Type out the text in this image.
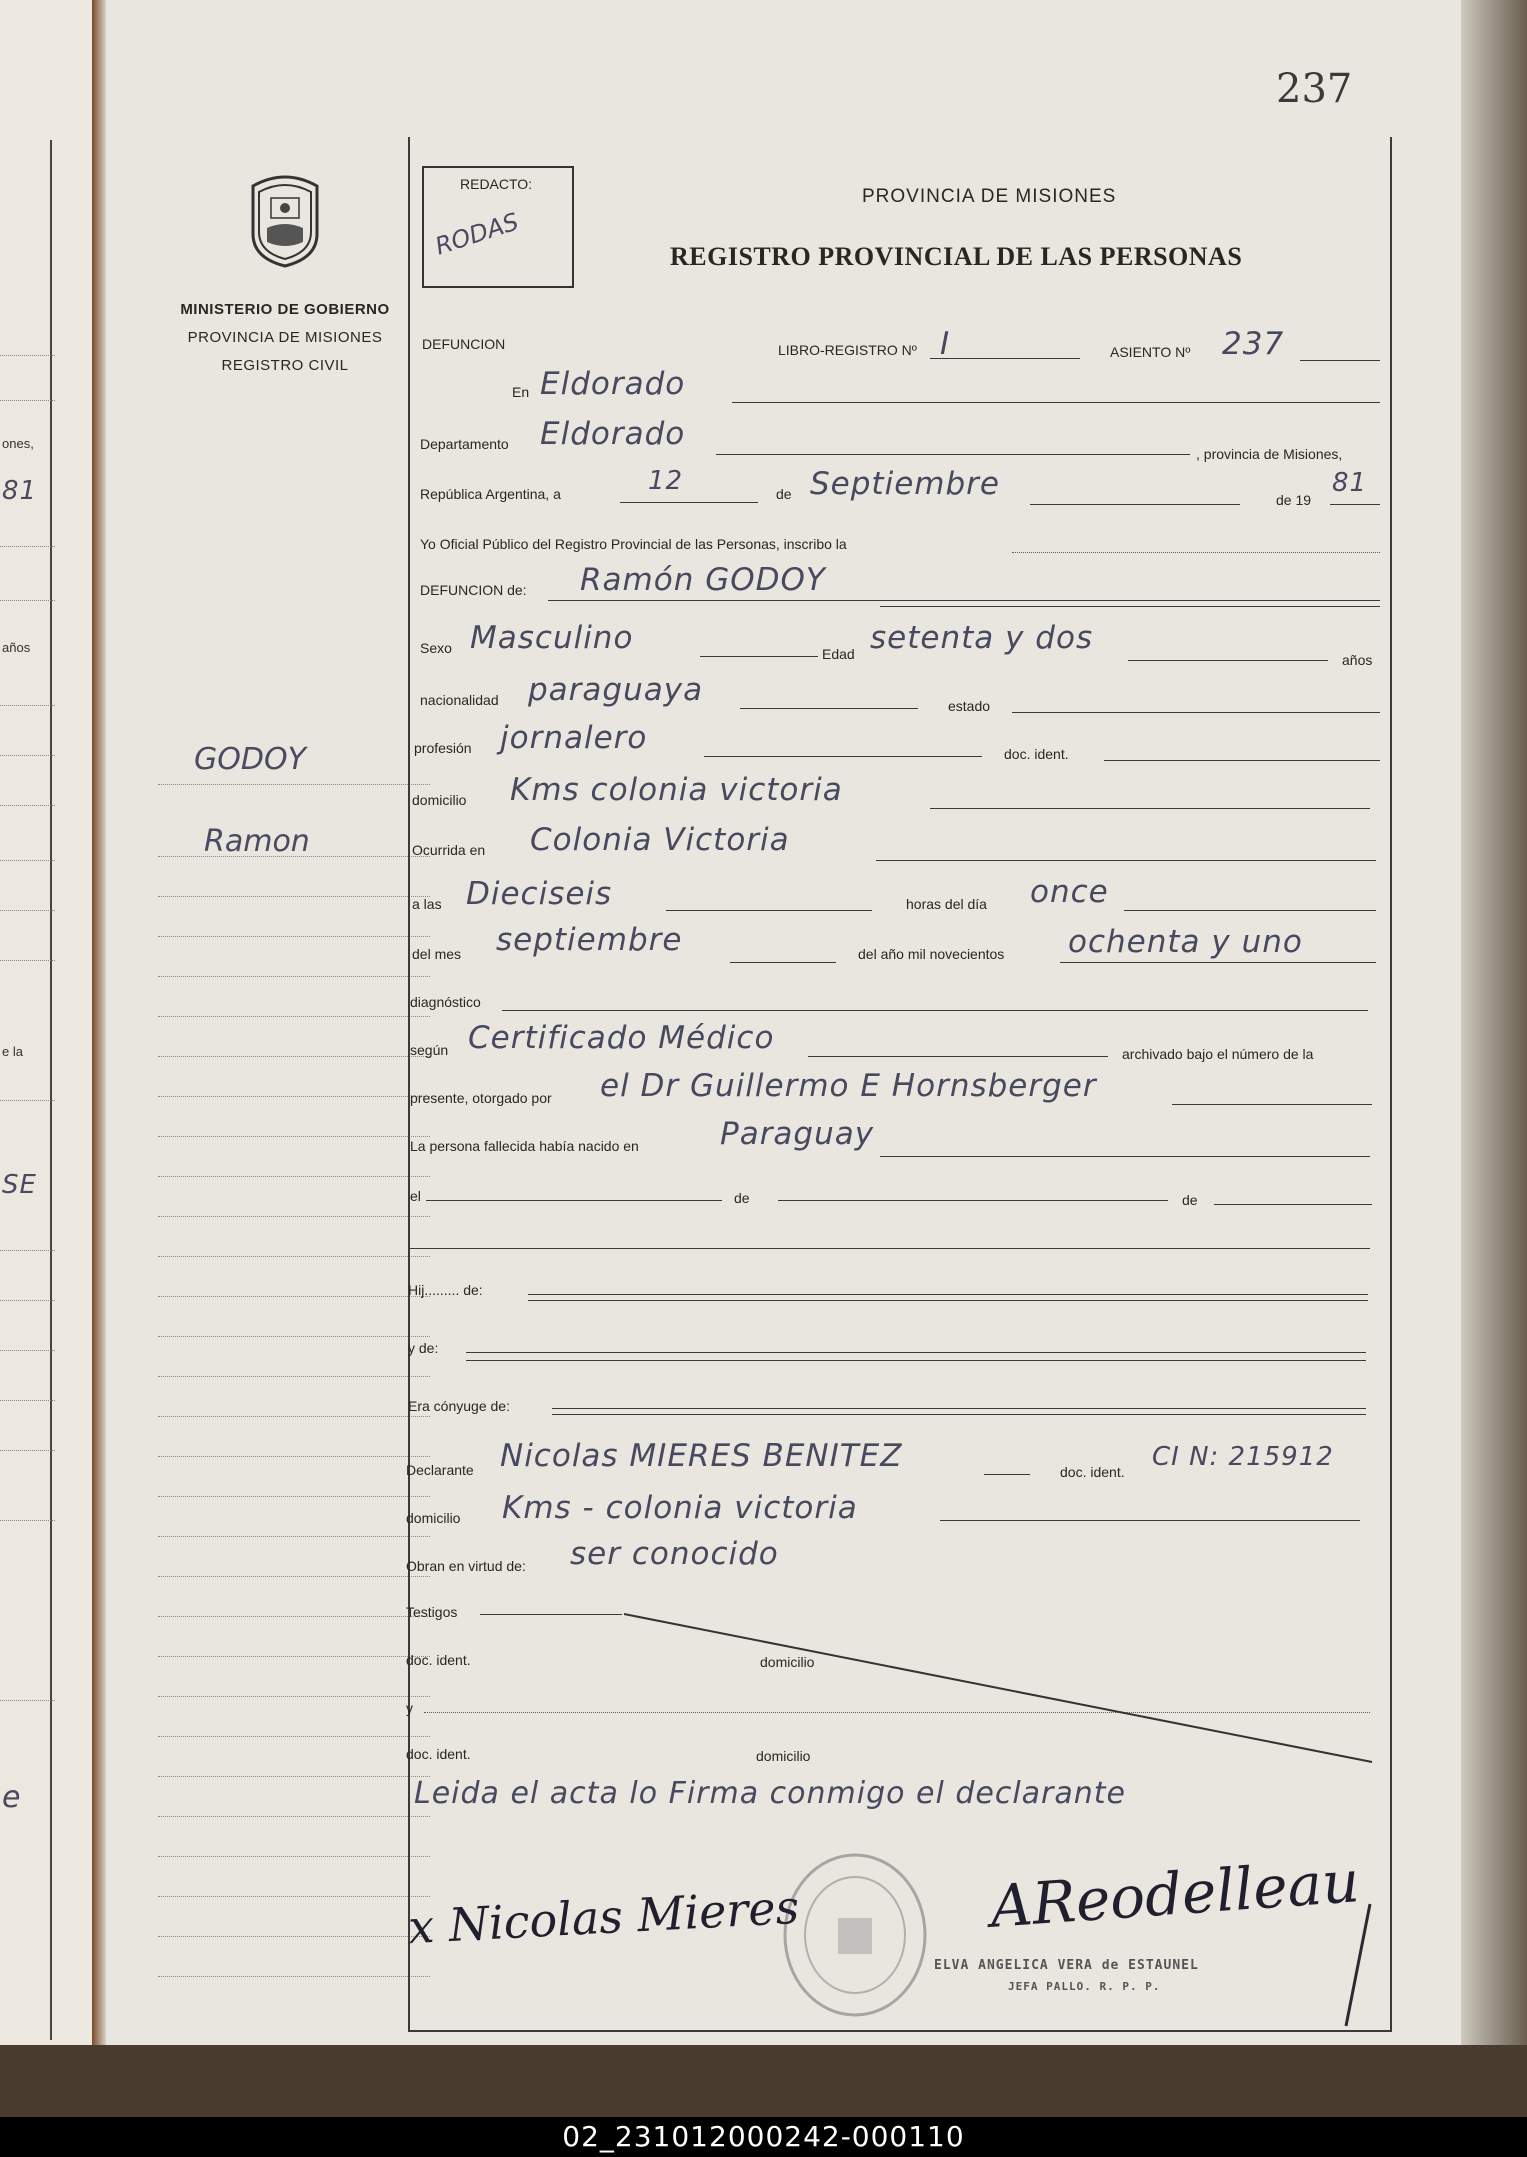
ones,
81
años
e la
SE
e
237
MINISTERIO DE GOBIERNO
PROVINCIA DE MISIONES
REGISTRO CIVIL
GODOY
Ramon
REDACTO:
RODAS
PROVINCIA DE MISIONES
REGISTRO PROVINCIAL DE LAS PERSONAS
DEFUNCION	LIBRO-REGISTRO Nº I	ASIENTO Nº 237
En Eldorado
Departamento Eldorado
, provincia de Misiones,
República Argentina, a	12	de Septiembre	de 19
81
Yo Oficial Público del Registro Provincial de las Personas, inscribo la
DEFUNCION de: Ramón GODOY
Sexo Masculino	Edad setenta y dos
años
nacionalidad paraguaya	estado
profesión jornalero	doc. ident.
domicilio Kms colonia victoria
Ocurrida en Colonia Victoria
a las Dieciseis	horas del día once
del mes septiembre	del año mil novecientos ochenta y uno
diagnóstico
según Certificado Médico	archivado bajo el número de la
presente, otorgado por el Dr Guillermo E Hornsberger
La persona fallecida había nacido en	Paraguay
el	de	de
Hij......... de:
y de:
Era cónyuge de:
Declarante Nicolas MIERES BENITEZ	doc. ident. CI N: 215912
domicilio Kms - colonia victoria
Obran en virtud de: ser conocido
Testigos
doc. ident.	domicilio
y
doc. ident.	domicilio
Leida el acta lo Firma conmigo el declarante
x Nicolas Mieres	AReodelleau
ELVA ANGELICA VERA de ESTAUNEL
JEFA PALLO. R. P. P.
02_231012000242-000110
